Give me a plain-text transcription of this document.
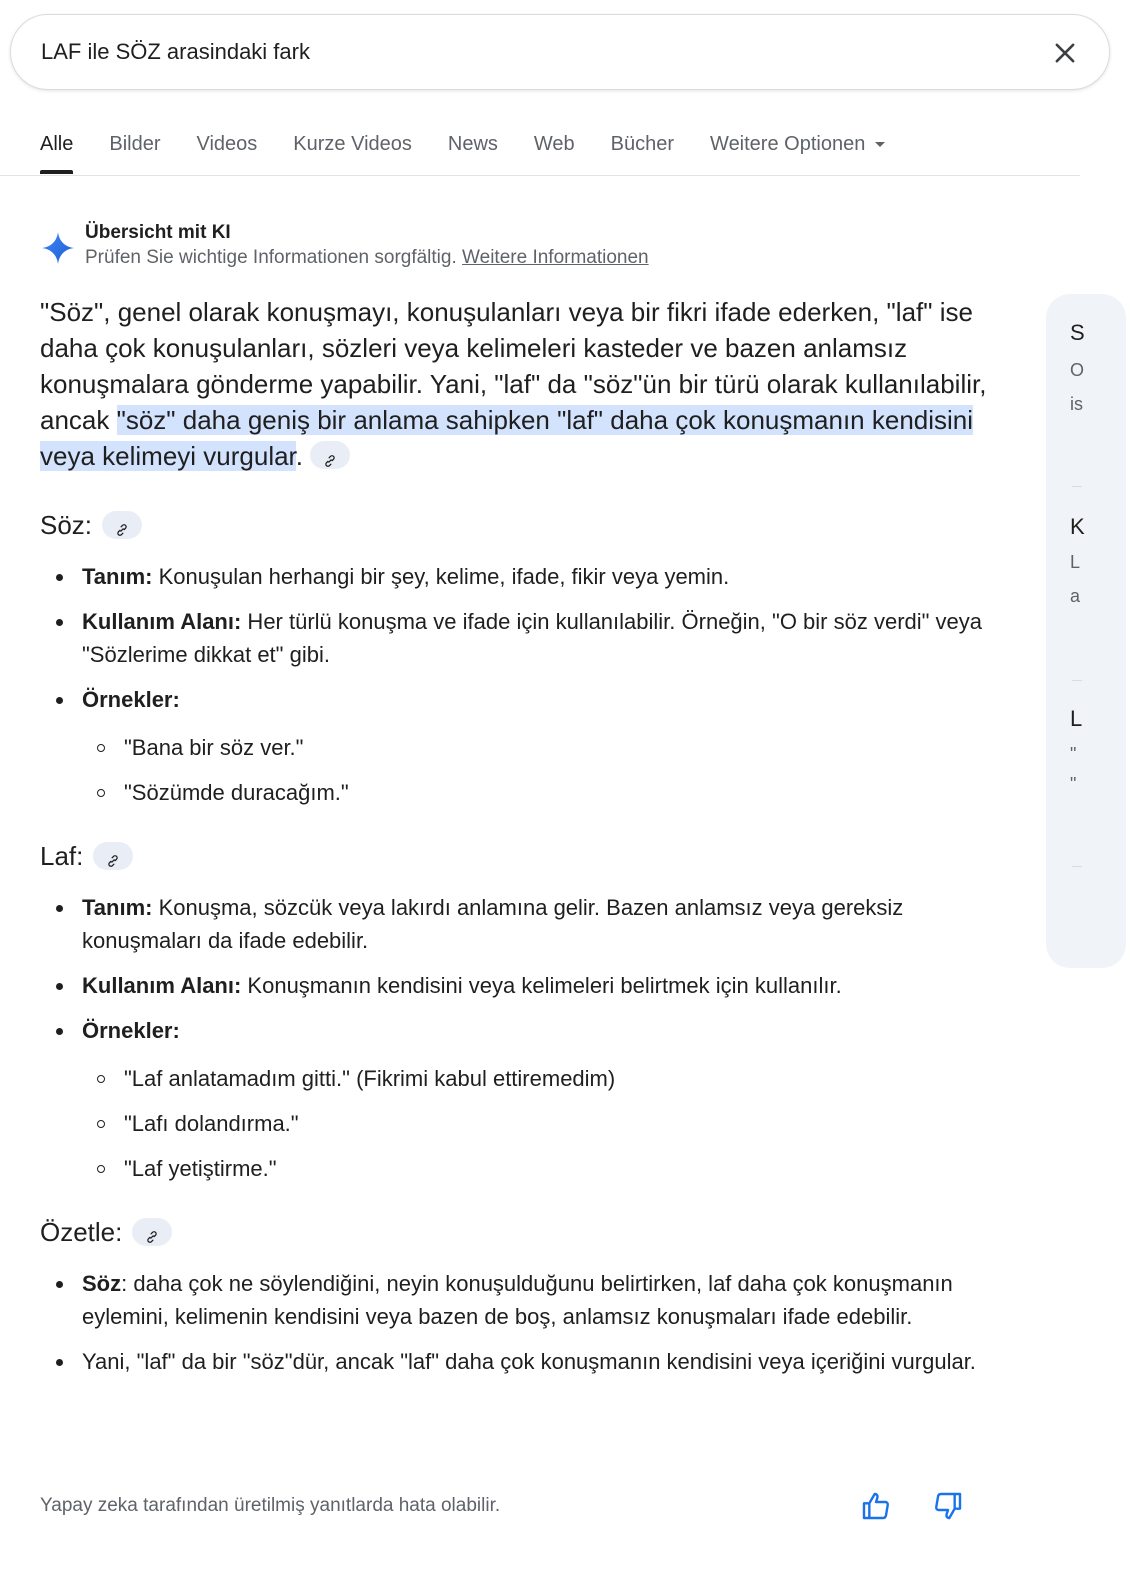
LAF ile SÖZ arasindaki fark
Alle Bilder Videos Kurze Videos News Web Bücher Weitere Optionen
Übersicht mit KI
Prüfen Sie wichtige Informationen sorgfältig. Weitere Informationen

"Söz", genel olarak konuşmayı, konuşulanları veya bir fikri ifade ederken, "laf" ise daha çok konuşulanları, sözleri veya kelimeleri kasteder ve bazen anlamsız konuşmalara gönderme yapabilir. Yani, "laf" da "söz"ün bir türü olarak kullanılabilir, ancak "söz" daha geniş bir anlama sahipken "laf" daha çok konuşmanın kendisini veya kelimeyi vurgular.

Söz:
Tanım: Konuşulan herhangi bir şey, kelime, ifade, fikir veya yemin.
Kullanım Alanı: Her türlü konuşma ve ifade için kullanılabilir. Örneğin, "O bir söz verdi" veya "Sözlerime dikkat et" gibi.
Örnekler:
"Bana bir söz ver."
"Sözümde duracağım."
Laf:
Tanım: Konuşma, sözcük veya lakırdı anlamına gelir. Bazen anlamsız veya gereksiz konuşmaları da ifade edebilir.
Kullanım Alanı: Konuşmanın kendisini veya kelimeleri belirtmek için kullanılır.
Örnekler:
"Laf anlatamadım gitti." (Fikrimi kabul ettiremedim)
"Lafı dolandırma."
"Laf yetiştirme."
Özetle:
Söz: daha çok ne söylendiğini, neyin konuşulduğunu belirtirken, laf daha çok konuşmanın eylemini, kelimenin kendisini veya bazen de boş, anlamsız konuşmaları ifade edebilir.
Yani, "laf" da bir "söz"dür, ancak "laf" daha çok konuşmanın kendisini veya içeriğini vurgular.
Yapay zeka tarafından üretilmiş yanıtlarda hata olabilir.
S
O
is
K
L
a
L
"
"
